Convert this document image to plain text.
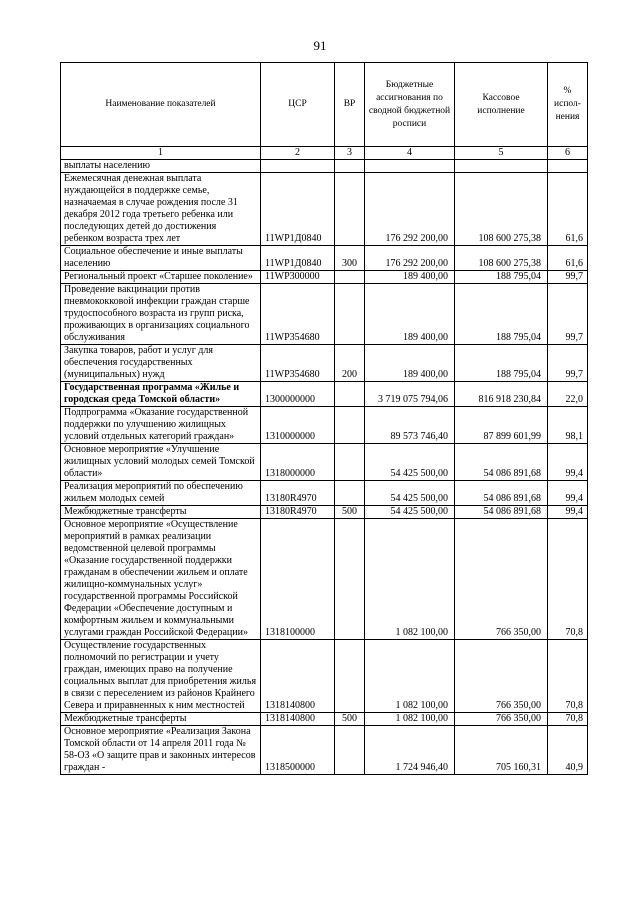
91
Наименование показателей	ЦСР	ВР	Бюджетные ассигнования по сводной бюджетной росписи	Кассовое исполнение	% испол-нения
1	2	3	4	5	6
выплаты населению					
Ежемесячная денежная выплата нуждающейся в поддержке семье, назначаемая в случае рождения после 31 декабря 2012 года третьего ребенка или последующих детей до достижения ребенком возраста трех лет	11WP1Д0840		176 292 200,00	108 600 275,38	61,6
Социальное обеспечение и иные выплаты населению	11WP1Д0840	300	176 292 200,00	108 600 275,38	61,6
Региональный проект «Старшее поколение»	11WP300000		189 400,00	188 795,04	99,7
Проведение вакцинации против пневмококковой инфекции граждан старше трудоспособного возраста из групп риска, проживающих в организациях социального обслуживания	11WP354680		189 400,00	188 795,04	99,7
Закупка товаров, работ и услуг для обеспечения государственных (муниципальных) нужд	11WP354680	200	189 400,00	188 795,04	99,7
Государственная программа «Жилье и городская среда Томской области»	1300000000		3 719 075 794,06	816 918 230,84	22,0
Подпрограмма «Оказание государственной поддержки по улучшению жилищных условий отдельных категорий граждан»	1310000000		89 573 746,40	87 899 601,99	98,1
Основное мероприятие «Улучшение жилищных условий молодых семей Томской области»	1318000000		54 425 500,00	54 086 891,68	99,4
Реализация мероприятий по обеспечению жильем молодых семей	13180R4970		54 425 500,00	54 086 891,68	99,4
Межбюджетные трансферты	13180R4970	500	54 425 500,00	54 086 891,68	99,4
Основное мероприятие «Осуществление мероприятий в рамках реализации ведомственной целевой программы «Оказание государственной поддержки гражданам в обеспечении жильем и оплате жилищно-коммунальных услуг» государственной программы Российской Федерации «Обеспечение доступным и комфортным жильем и коммунальными услугами граждан Российской Федерации»	1318100000		1 082 100,00	766 350,00	70,8
Осуществление государственных полномочий по регистрации и учету граждан, имеющих право на получение социальных выплат для приобретения жилья в связи с переселением из районов Крайнего Севера и приравненных к ним местностей	1318140800		1 082 100,00	766 350,00	70,8
Межбюджетные трансферты	1318140800	500	1 082 100,00	766 350,00	70,8
Основное мероприятие «Реализация Закона Томской области от 14 апреля 2011 года № 58-ОЗ «О защите прав и законных интересов граждан -	1318500000		1 724 946,40	705 160,31	40,9
